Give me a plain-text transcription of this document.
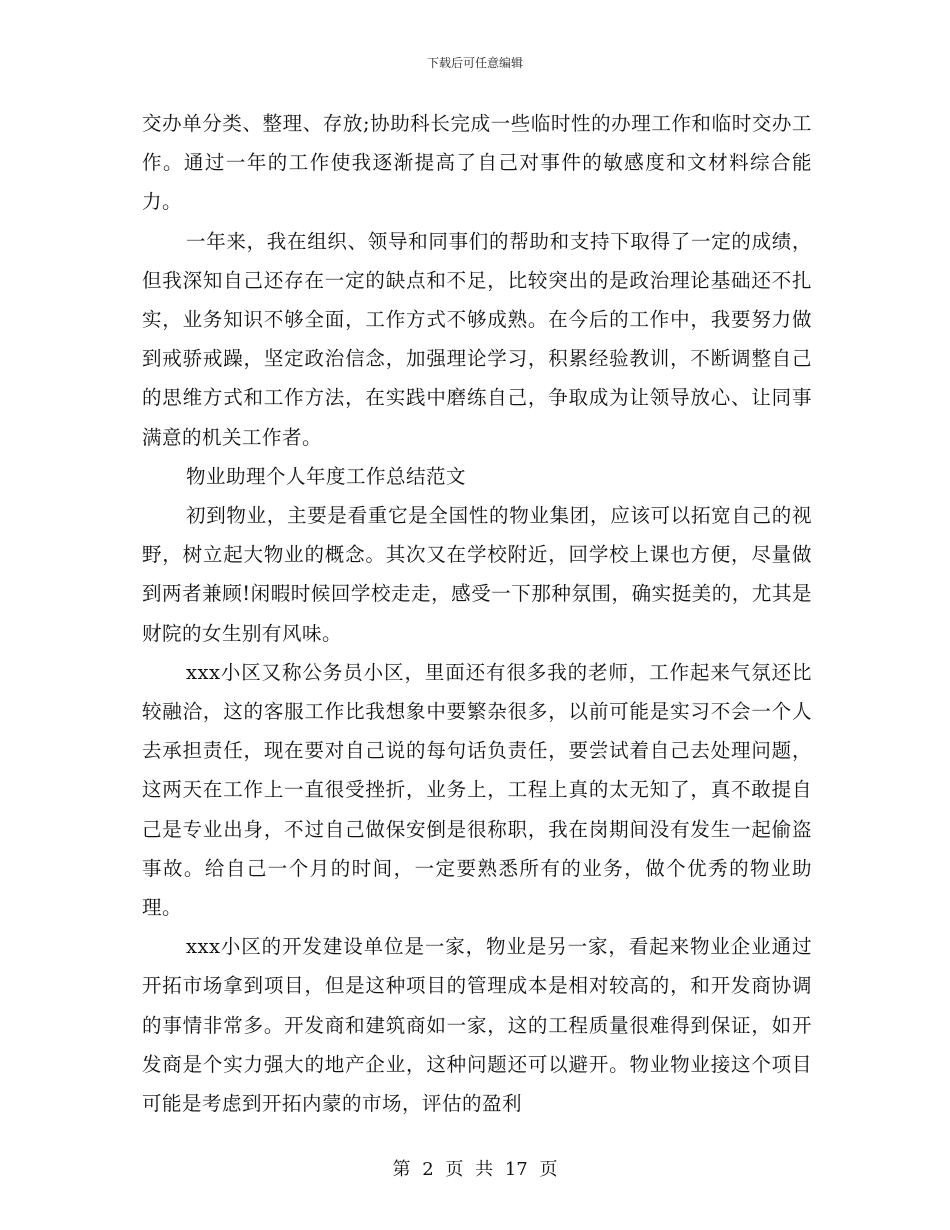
下载后可任意编辑

交办单分类、整理、存放;协助科长完成一些临时性的办理工作和临时交办工作。通过一年的工作使我逐渐提高了自己对事件的敏感度和文材料综合能力。

一年来，我在组织、领导和同事们的帮助和支持下取得了一定的成绩，但我深知自己还存在一定的缺点和不足，比较突出的是政治理论基础还不扎实，业务知识不够全面，工作方式不够成熟。在今后的工作中，我要努力做到戒骄戒躁，坚定政治信念，加强理论学习，积累经验教训，不断调整自己的思维方式和工作方法，在实践中磨练自己，争取成为让领导放心、让同事满意的机关工作者。

物业助理个人年度工作总结范文

初到物业，主要是看重它是全国性的物业集团，应该可以拓宽自己的视野，树立起大物业的概念。其次又在学校附近，回学校上课也方便，尽量做到两者兼顾!闲暇时候回学校走走，感受一下那种氛围，确实挺美的，尤其是财院的女生别有风味。

xxx小区又称公务员小区，里面还有很多我的老师，工作起来气氛还比较融洽，这的客服工作比我想象中要繁杂很多，以前可能是实习不会一个人去承担责任，现在要对自己说的每句话负责任，要尝试着自己去处理问题，这两天在工作上一直很受挫折，业务上，工程上真的太无知了，真不敢提自己是专业出身，不过自己做保安倒是很称职，我在岗期间没有发生一起偷盗事故。给自己一个月的时间，一定要熟悉所有的业务，做个优秀的物业助理。

xxx小区的开发建设单位是一家，物业是另一家，看起来物业企业通过开拓市场拿到项目，但是这种项目的管理成本是相对较高的，和开发商协调的事情非常多。开发商和建筑商如一家，这的工程质量很难得到保证，如开发商是个实力强大的地产企业，这种问题还可以避开。物业物业接这个项目可能是考虑到开拓内蒙的市场，评估的盈利

第 2 页 共 17 页
